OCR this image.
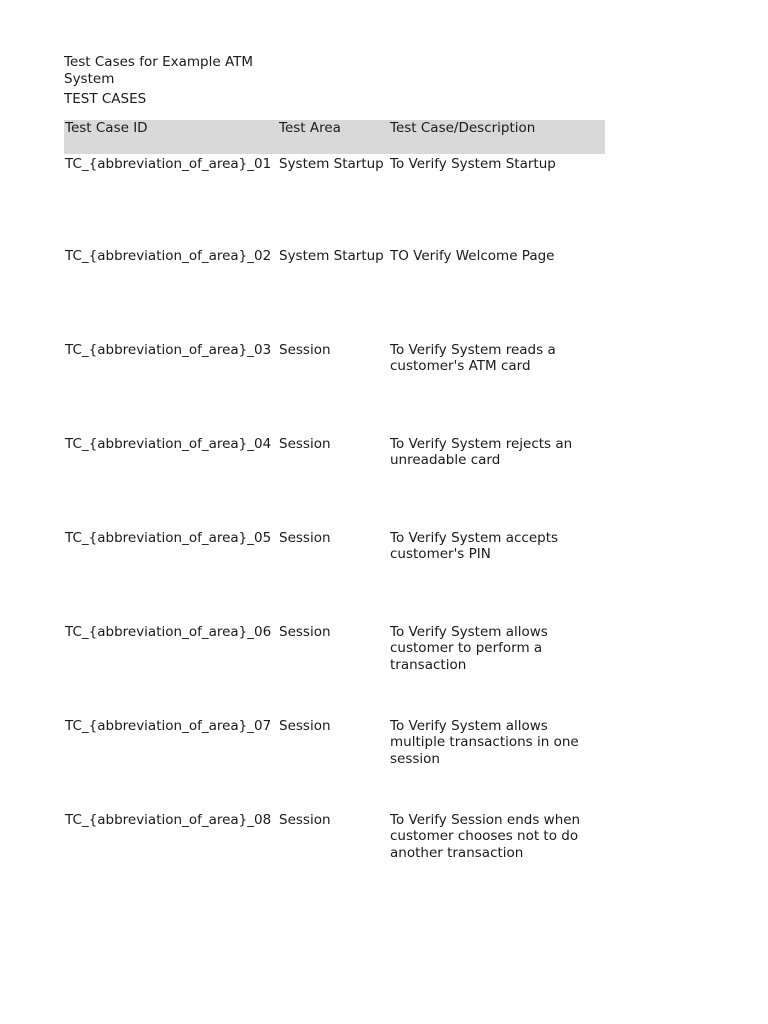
Test Cases for Example ATM System
TEST CASES
Test Case ID	Test Area	Test Case/Description

TC_{abbreviation_of_area}_01	System Startup	To Verify System Startup
TC_{abbreviation_of_area}_02	System Startup	TO Verify Welcome Page
TC_{abbreviation_of_area}_03	Session	To Verify System reads a customer's ATM card
TC_{abbreviation_of_area}_04	Session	To Verify System rejects an unreadable card
TC_{abbreviation_of_area}_05	Session	To Verify System accepts customer's PIN
TC_{abbreviation_of_area}_06	Session	To Verify System allows customer to perform a transaction
TC_{abbreviation_of_area}_07	Session	To Verify System allows multiple transactions in one session
TC_{abbreviation_of_area}_08	Session	To Verify Session ends when customer chooses not to do another transaction
